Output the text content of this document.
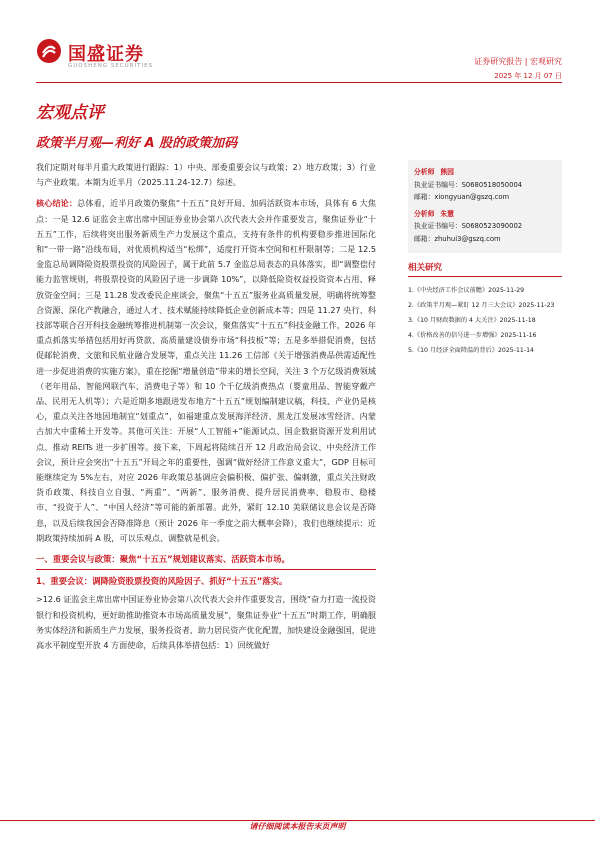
国盛证券
GUOSHENG SECURITIES	证券研究报告 | 宏观研究
2025 年 12 月 07 日
宏观点评
政策半月观—利好 A 股的政策加码

我们定期对每半月重大政策进行跟踪：1）中央、部委重要会议与政策；2）地方政策；3）行业与产业政策。本期为近半月（2025.11.24-12.7）综述。

核心结论：总体看，近半月政策仍聚焦“十五五”良好开局、加码活跃资本市场，具体有 6 大焦点：一是 12.6 证监会主席出席中国证券业协会第八次代表大会并作重要发言，聚焦证券业“十五五”工作，后续将突出服务新质生产力发展这个重点，支持有条件的机构要稳步推进国际化和“一带一路”沿线布局，对优质机构适当“松绑”，适度打开资本空间和杠杆限制等；二是 12.5 金监总局调降险资股票投资的风险因子，属于此前 5.7 金监总局表态的具体落实，即“调整偿付能力监管规则，将股票投资的风险因子进一步调降 10%”，以降低险资权益投资资本占用、释放资金空间；三是 11.28 发改委民企座谈会，聚焦“十五五”服务业高质量发展，明确将统筹整合资源、深化产教融合，通过人才、技术赋能持续降低企业创新成本等；四是 11.27 央行、科技部等联合召开科技金融统筹推进机制第一次会议，聚焦落实“十五五”科技金融工作，2026 年重点抓落实举措包括用好再贷款、高质量建设债券市场“科技板”等；五是多举措促消费，包括促邮轮消费、文旅和民航业融合发展等，重点关注 11.26 工信部《关于增强消费品供需适配性进一步促进消费的实施方案》，重在挖掘“增量创造”带来的增长空间，关注 3 个万亿级消费领域（老年用品、智能网联汽车、消费电子等）和 10 个千亿级消费热点（婴童用品、智能穿戴产品、民用无人机等）；六是近期多地跟进发布地方“十五五”规划编制建议稿，科技、产业仍是核心，重点关注各地因地制宜“划重点”，如福建重点发展海洋经济、黑龙江发展冰雪经济、内蒙古加大中重稀土开发等。其他可关注：开展“人工智能+”能源试点、国企数据资源开发利用试点、推动 REITs 进一步扩围等。接下来，下周起将陆续召开 12 月政治局会议、中央经济工作会议，预计应会突出“十五五”开局之年的重要性，强调“做好经济工作意义重大”，GDP 目标可能继续定为 5%左右，对应 2026 年政策总基调应会偏积极、偏扩张、偏刺激，重点关注财政货币政策、科技自立自强、“两重”、“两新”、服务消费、提升居民消费率、稳股市、稳楼市、“投资于人”、“中国人经济”等可能的新部署。此外，紧盯 12.10 美联储议息会议是否降息，以及后续我国会否降准降息（预计 2026 年一季度之前大概率会降），我们也继续提示：近期政策持续加码 A 股，可以乐观点、调整就是机会。

一、重要会议与政策：聚焦“十五五”规划建议落实、活跃资本市场。
1、重要会议：调降险资股票投资的风险因子、抓好“十五五”落实。

>12.6 证监会主席出席中国证券业协会第八次代表大会并作重要发言，围绕“奋力打造一流投资银行和投资机构，更好助推助推资本市场高质量发展”，聚焦证券业“十五五”时期工作，明确服务实体经济和新质生产力发展，服务投资者、助力居民资产优化配置，加快建设金融强国，促进高水平制度型开放 4 方面使命，后续具体举措包括：1）回统做好

分析师 熊园
执业证书编号：S0680518050004
邮箱：xiongyuan@gszq.com
分析师 朱慧
执业证书编号：S0680523090002
邮箱：zhuhui3@gszq.com
相关研究
1.《中央经济工作会议前瞻》2025-11-29
2.《政策半月观—紧盯 12 月三大会议》2025-11-23
3.《10 月财政数据的 4 大关注》2025-11-18
4.《价格改善的信号进一步增强》2025-11-16
5.《10 月经济全面降温的背后》2025-11-14
请仔细阅读本报告末页声明
